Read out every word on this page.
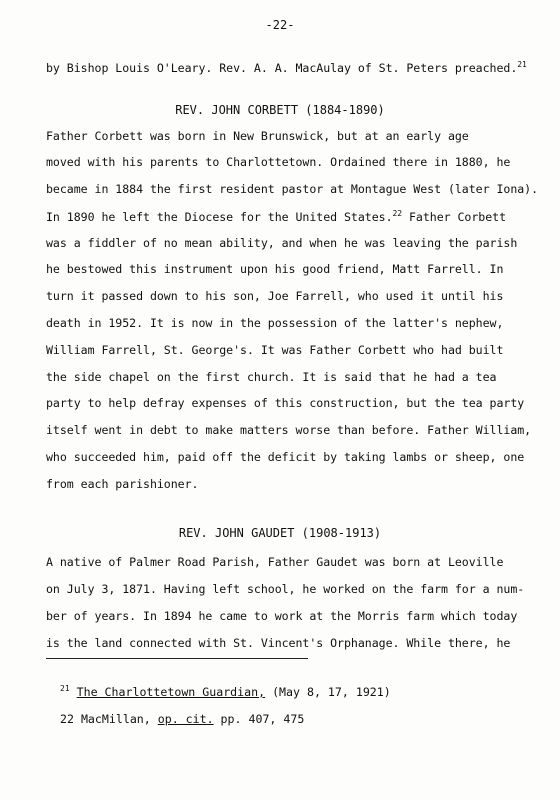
-22-
by Bishop Louis O'Leary. Rev. A. A. MacAulay of St. Peters preached.$^{21}$
REV. JOHN CORBETT (1884-1890)
Father Corbett was born in New Brunswick, but at an early age
moved with his parents to Charlottetown. Ordained there in 1880, he
became in 1884 the first resident pastor at Montague West (later Iona).
In 1890 he left the Diocese for the United States.$^{22}$ Father Corbett
was a fiddler of no mean ability, and when he was leaving the parish
he bestowed this instrument upon his good friend, Matt Farrell. In
turn it passed down to his son, Joe Farrell, who used it until his
death in 1952. It is now in the possession of the latter's nephew,
William Farrell, St. George's. It was Father Corbett who had built
the side chapel on the first church. It is said that he had a tea
party to help defray expenses of this construction, but the tea party
itself went in debt to make matters worse than before. Father William,
who succeeded him, paid off the deficit by taking lambs or sheep, one
from each parishioner.
REV. JOHN GAUDET (1908-1913)
A native of Palmer Road Parish, Father Gaudet was born at Leoville
on July 3, 1871. Having left school, he worked on the farm for a num-
ber of years. In 1894 he came to work at the Morris farm which today
is the land connected with St. Vincent's Orphanage. While there, he
$^{21}$ The Charlottetown Guardian, (May 8, 17, 1921)
22 MacMillan, op. cit. pp. 407, 475
